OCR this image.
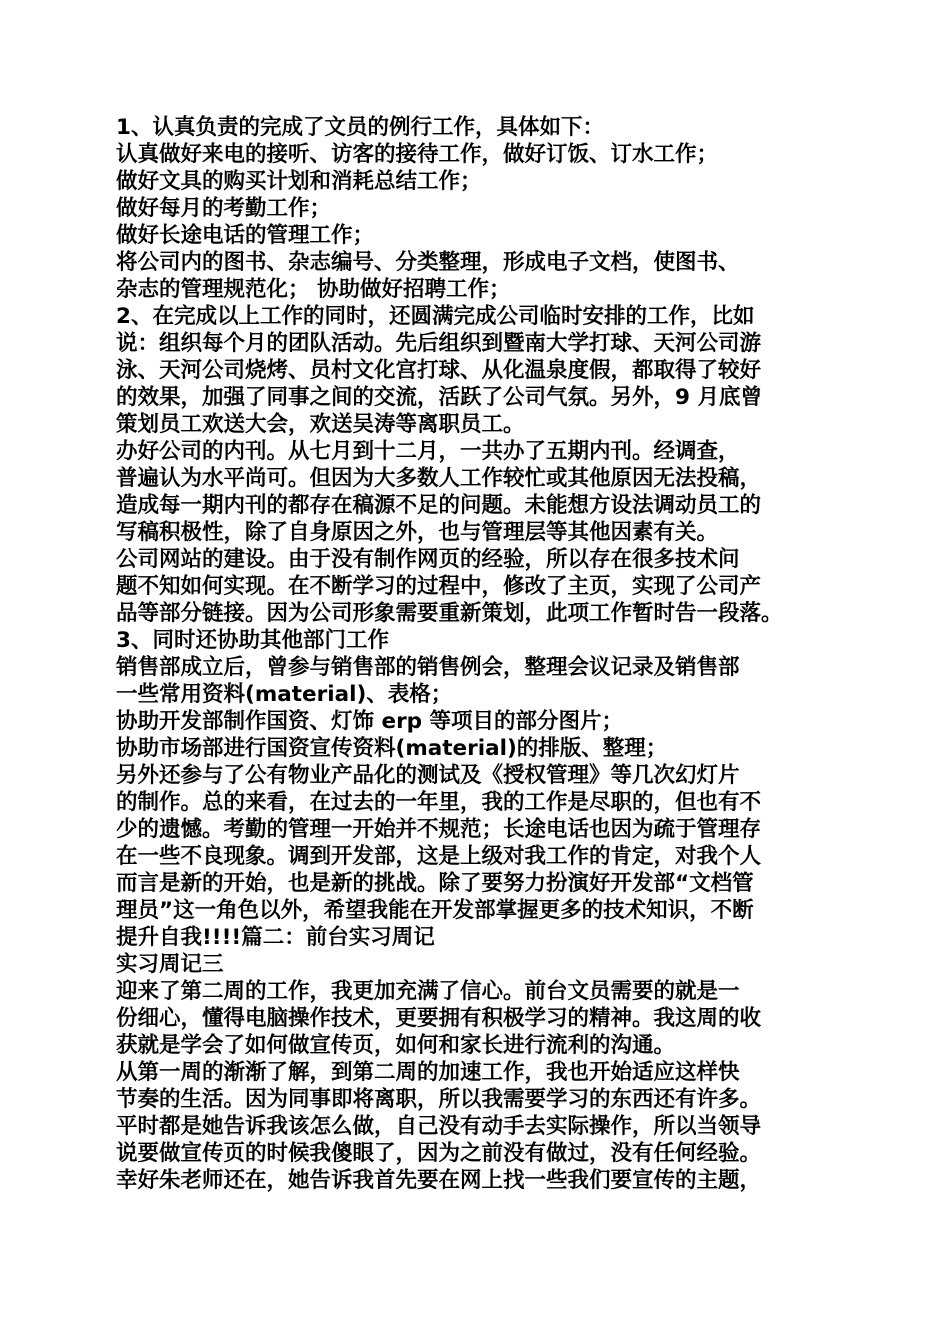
1、认真负责的完成了文员的例行工作，具体如下：
认真做好来电的接听、访客的接待工作，做好订饭、订水工作；
做好文具的购买计划和消耗总结工作；
做好每月的考勤工作；
做好长途电话的管理工作；
将公司内的图书、杂志编号、分类整理，形成电子文档，使图书、
杂志的管理规范化； 协助做好招聘工作；
2、在完成以上工作的同时，还圆满完成公司临时安排的工作，比如
说：组织每个月的团队活动。先后组织到暨南大学打球、天河公司游
泳、天河公司烧烤、员村文化宫打球、从化温泉度假，都取得了较好
的效果，加强了同事之间的交流，活跃了公司气氛。另外，9 月底曾
策划员工欢送大会，欢送吴涛等离职员工。
办好公司的内刊。从七月到十二月，一共办了五期内刊。经调查，
普遍认为水平尚可。但因为大多数人工作较忙或其他原因无法投稿，
造成每一期内刊的都存在稿源不足的问题。未能想方设法调动员工的
写稿积极性，除了自身原因之外，也与管理层等其他因素有关。
公司网站的建设。由于没有制作网页的经验，所以存在很多技术问
题不知如何实现。在不断学习的过程中，修改了主页，实现了公司产
品等部分链接。因为公司形象需要重新策划，此项工作暂时告一段落。
3、同时还协助其他部门工作
销售部成立后，曾参与销售部的销售例会，整理会议记录及销售部
一些常用资料(material)、表格；
协助开发部制作国资、灯饰 erp 等项目的部分图片；
协助市场部进行国资宣传资料(material)的排版、整理；
另外还参与了公有物业产品化的测试及《授权管理》等几次幻灯片
的制作。总的来看，在过去的一年里，我的工作是尽职的，但也有不
少的遗憾。考勤的管理一开始并不规范；长途电话也因为疏于管理存
在一些不良现象。调到开发部，这是上级对我工作的肯定，对我个人
而言是新的开始，也是新的挑战。除了要努力扮演好开发部“文档管
理员”这一角色以外，希望我能在开发部掌握更多的技术知识，不断
提升自我!!!!篇二：前台实习周记
实习周记三
迎来了第二周的工作，我更加充满了信心。前台文员需要的就是一
份细心，懂得电脑操作技术，更要拥有积极学习的精神。我这周的收
获就是学会了如何做宣传页，如何和家长进行流利的沟通。
从第一周的渐渐了解，到第二周的加速工作，我也开始适应这样快
节奏的生活。因为同事即将离职，所以我需要学习的东西还有许多。
平时都是她告诉我该怎么做，自己没有动手去实际操作，所以当领导
说要做宣传页的时候我傻眼了，因为之前没有做过，没有任何经验。
幸好朱老师还在，她告诉我首先要在网上找一些我们要宣传的主题，
